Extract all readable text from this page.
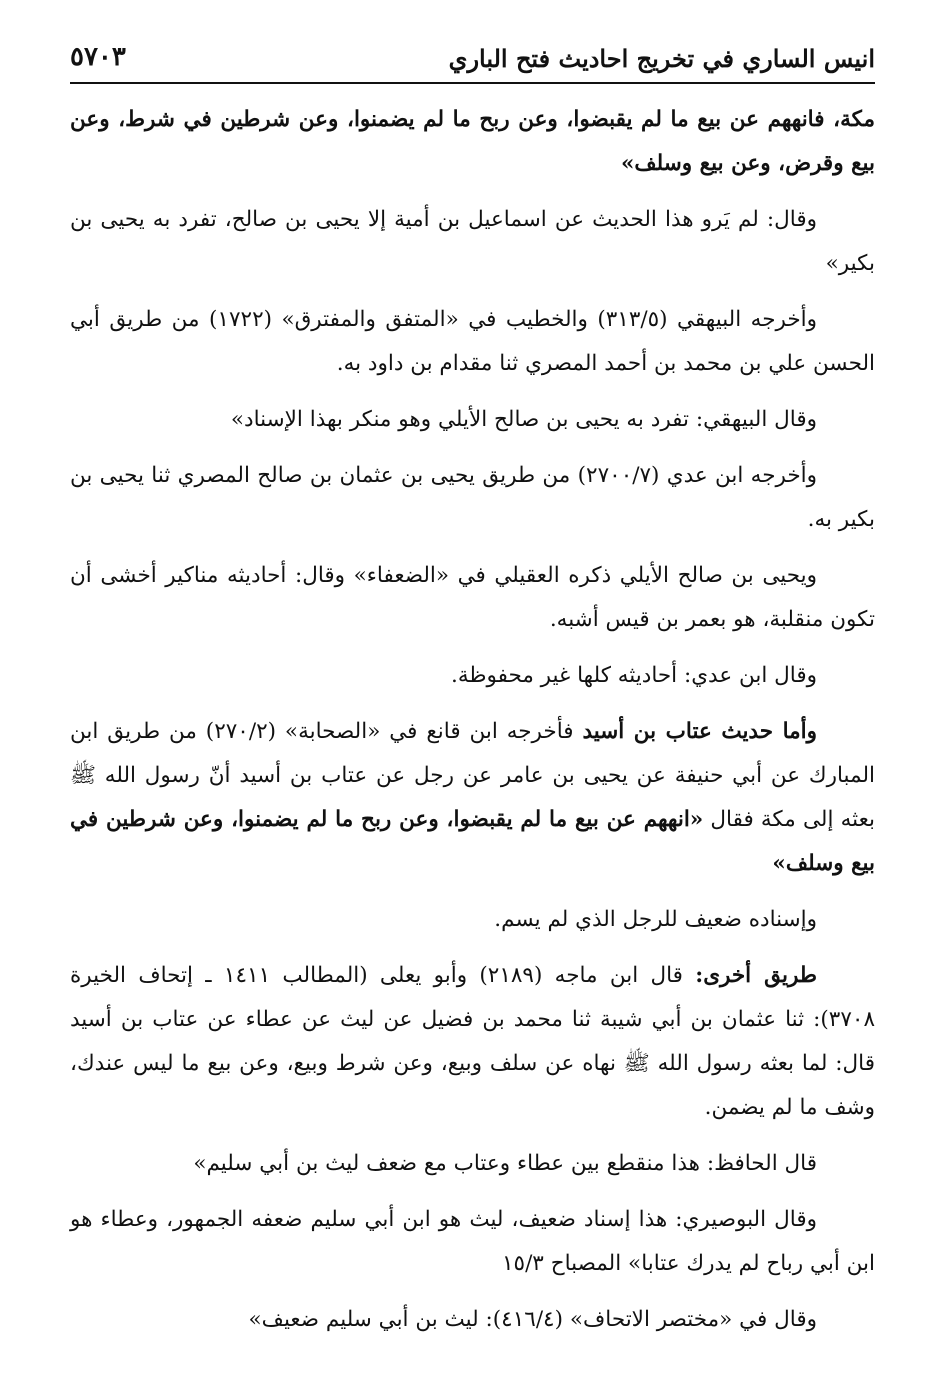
انيس الساري في تخريج احاديث فتح الباري
٥٧٠٣

مكة، فانههم عن بيع ما لم يقبضوا، وعن ربح ما لم يضمنوا، وعن شرطين في شرط، وعن بيع وقرض، وعن بيع وسلف»

وقال: لم يَرو هذا الحديث عن اسماعيل بن أمية إلا يحيى بن صالح، تفرد به يحيى بن بكير»

وأخرجه البيهقي (٣١٣/٥) والخطيب في «المتفق والمفترق» (١٧٢٢) من طريق أبي الحسن علي بن محمد بن أحمد المصري ثنا مقدام بن داود به.

وقال البيهقي: تفرد به يحيى بن صالح الأيلي وهو منكر بهذا الإسناد»

وأخرجه ابن عدي (٢٧٠٠/٧) من طريق يحيى بن عثمان بن صالح المصري ثنا يحيى بن بكير به.

ويحيى بن صالح الأيلي ذكره العقيلي في «الضعفاء» وقال: أحاديثه مناكير أخشى أن تكون منقلبة، هو بعمر بن قيس أشبه.

وقال ابن عدي: أحاديثه كلها غير محفوظة.

وأما حديث عتاب بن أسيد فأخرجه ابن قانع في «الصحابة» (٢٧٠/٢) من طريق ابن المبارك عن أبي حنيفة عن يحيى بن عامر عن رجل عن عتاب بن أسيد أنّ رسول الله ﷺ بعثه إلى مكة فقال «انههم عن بيع ما لم يقبضوا، وعن ربح ما لم يضمنوا، وعن شرطين في بيع وسلف»

وإسناده ضعيف للرجل الذي لم يسم.

طريق أخرى: قال ابن ماجه (٢١٨٩) وأبو يعلى (المطالب ١٤١١ ـ إتحاف الخيرة ٣٧٠٨): ثنا عثمان بن أبي شيبة ثنا محمد بن فضيل عن ليث عن عطاء عن عتاب بن أسيد قال: لما بعثه رسول الله ﷺ نهاه عن سلف وبيع، وعن شرط وبيع، وعن بيع ما ليس عندك، وشف ما لم يضمن.

قال الحافظ: هذا منقطع بين عطاء وعتاب مع ضعف ليث بن أبي سليم»

وقال البوصيري: هذا إسناد ضعيف، ليث هو ابن أبي سليم ضعفه الجمهور، وعطاء هو ابن أبي رباح لم يدرك عتابا» المصباح ١٥/٣

وقال في «مختصر الاتحاف» (٤١٦/٤): ليث بن أبي سليم ضعيف»
